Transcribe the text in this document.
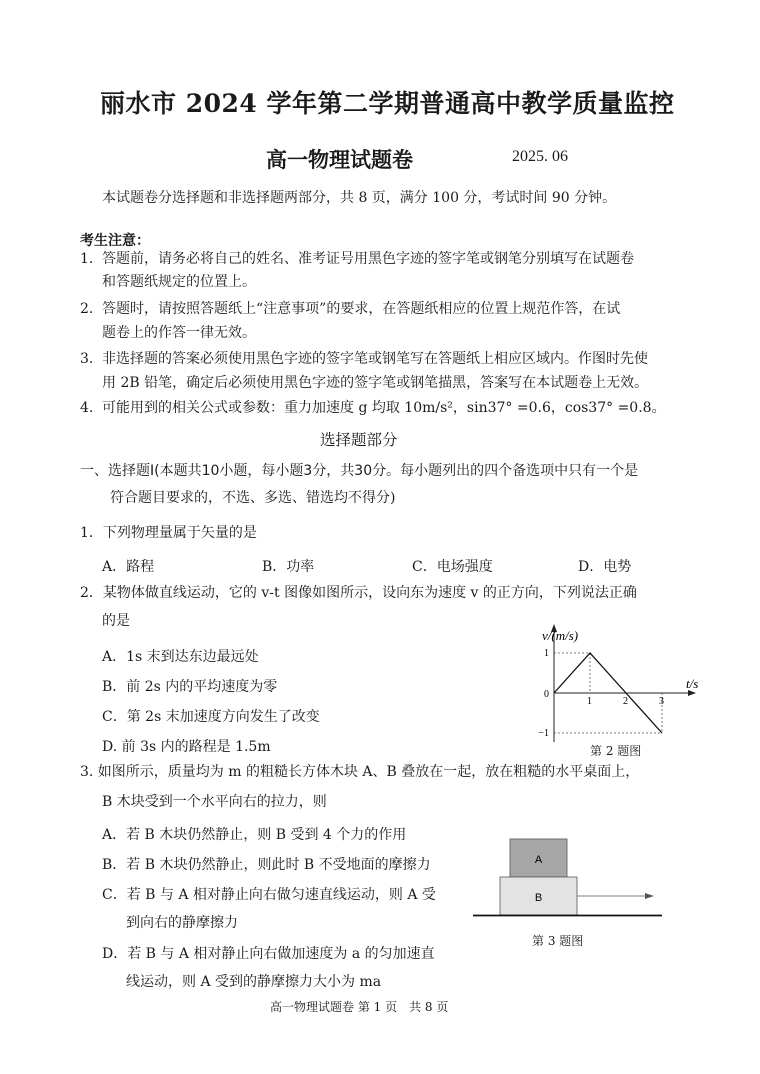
丽水市 2024 学年第二学期普通高中教学质量监控
高一物理试题卷	2025. 06
本试题卷分选择题和非选择题两部分，共 8 页，满分 100 分，考试时间 90 分钟。
考生注意：
1. 答题前，请务必将自己的姓名、准考证号用黑色字迹的签字笔或钢笔分别填写在试题卷
和答题纸规定的位置上。
2. 答题时，请按照答题纸上“注意事项”的要求，在答题纸相应的位置上规范作答，在试
题卷上的作答一律无效。
3. 非选择题的答案必须使用黑色字迹的签字笔或钢笔写在答题纸上相应区域内。作图时先使
用 2B 铅笔，确定后必须使用黑色字迹的签字笔或钢笔描黑，答案写在本试题卷上无效。
4. 可能用到的相关公式或参数：重力加速度 g 均取 10m/s²，sin37° =0.6，cos37° =0.8。
选择题部分
一、选择题Ⅰ(本题共10小题，每小题3分，共30分。每小题列出的四个备选项中只有一个是
符合题目要求的，不选、多选、错选均不得分)
1．下列物理量属于矢量的是
A．路程	B．功率	C．电场强度	D．电势
2．某物体做直线运动，它的 v-t 图像如图所示，设向东为速度 v 的正方向，下列说法正确
的是
A．1s 末到达东边最远处
B．前 2s 内的平均速度为零
C．第 2s 末加速度方向发生了改变
D. 前 3s 内的路程是 1.5m
v/(m/s)
t/s
1	2	3
1
0
−1
第 2 题图
3. 如图所示，质量均为 m 的粗糙长方体木块 A、B 叠放在一起，放在粗糙的水平桌面上，
B 木块受到一个水平向右的拉力，则
A．若 B 木块仍然静止，则 B 受到 4 个力的作用
B．若 B 木块仍然静止，则此时 B 不受地面的摩擦力
C．若 B 与 A 相对静止向右做匀速直线运动，则 A 受
到向右的静摩擦力
D．若 B 与 A 相对静止向右做加速度为 a 的匀加速直
线运动，则 A 受到的静摩擦力大小为 ma
A
B
第 3 题图
高一物理试题卷 第 1 页　共 8 页
